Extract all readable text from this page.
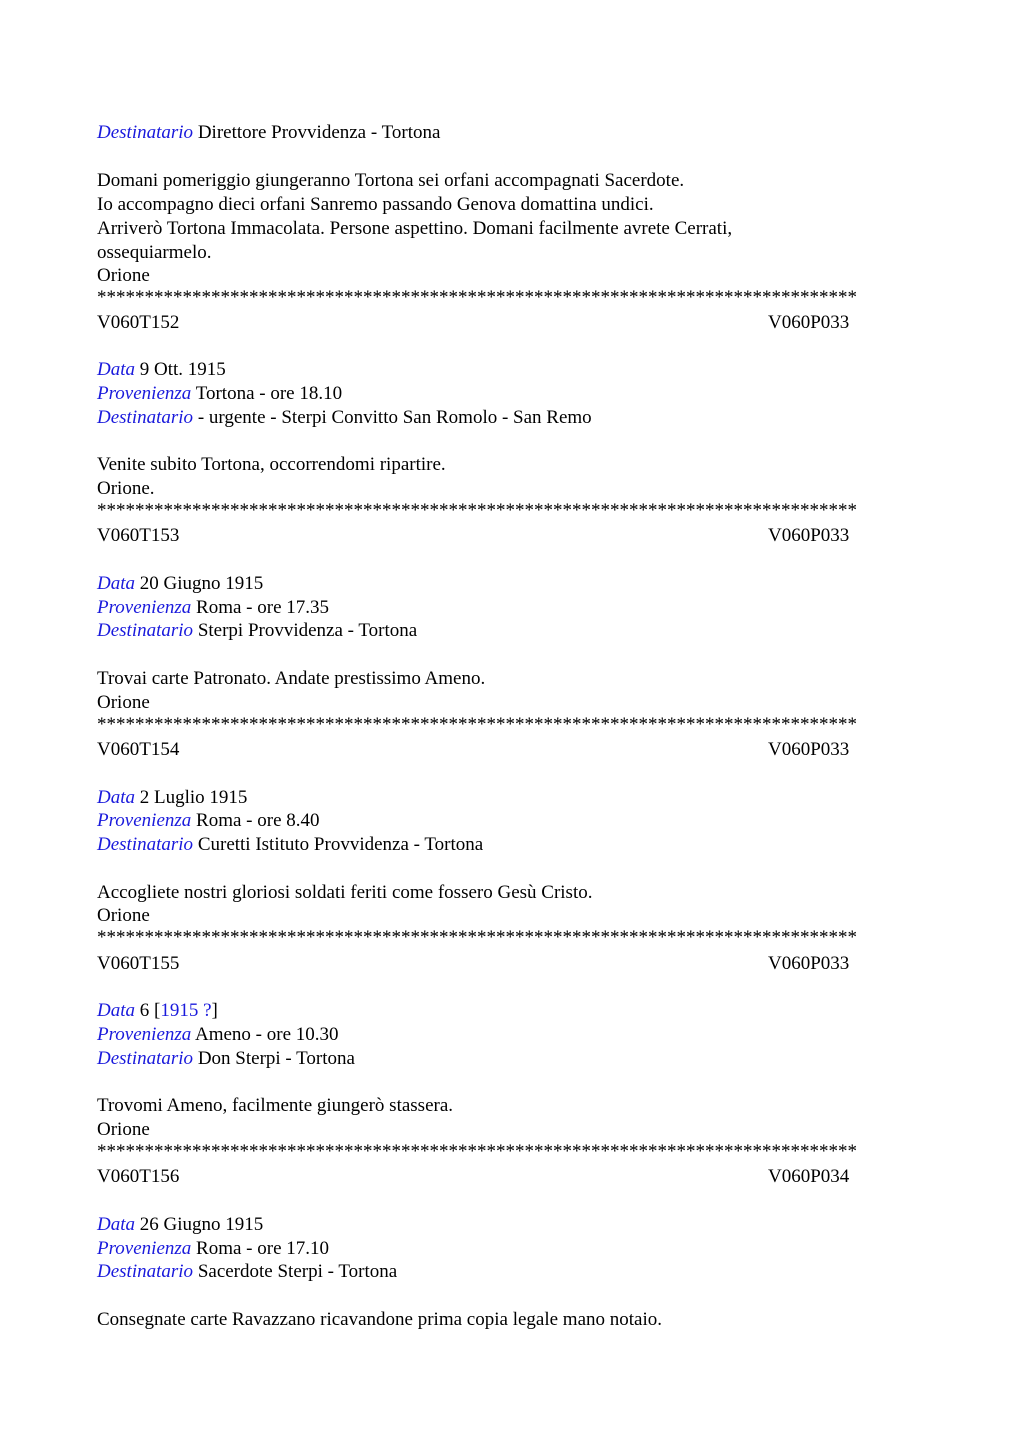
Destinatario Direttore Provvidenza - Tortona
Domani pomeriggio giungeranno Tortona sei orfani accompagnati Sacerdote.
Io accompagno dieci orfani Sanremo passando Genova domattina undici.
Arriverò Tortona Immacolata. Persone aspettino. Domani facilmente avrete Cerrati,
ossequiarmelo.
Orione
********************************************************************************
V060T152	V060P033
Data 9 Ott. 1915
Provenienza Tortona - ore 18.10
Destinatario - urgente - Sterpi Convitto San Romolo - San Remo
Venite subito Tortona, occorrendomi ripartire.
Orione.
********************************************************************************
V060T153	V060P033
Data 20 Giugno 1915
Provenienza Roma - ore 17.35
Destinatario Sterpi Provvidenza - Tortona
Trovai carte Patronato. Andate prestissimo Ameno.
Orione
********************************************************************************
V060T154	V060P033
Data 2 Luglio 1915
Provenienza Roma - ore 8.40
Destinatario Curetti Istituto Provvidenza - Tortona
Accogliete nostri gloriosi soldati feriti come fossero Gesù Cristo.
Orione
********************************************************************************
V060T155	V060P033
Data 6 [1915 ?]
Provenienza Ameno - ore 10.30
Destinatario Don Sterpi - Tortona
Trovomi Ameno, facilmente giungerò stassera.
Orione
********************************************************************************
V060T156	V060P034
Data 26 Giugno 1915
Provenienza Roma - ore 17.10
Destinatario Sacerdote Sterpi - Tortona
Consegnate carte Ravazzano ricavandone prima copia legale mano notaio.
